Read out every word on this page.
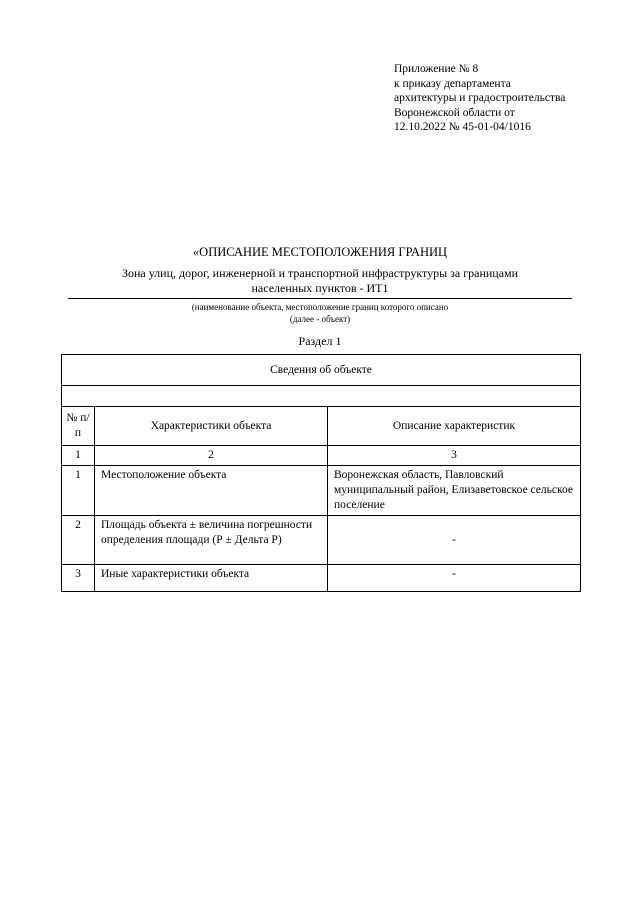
Приложение № 8
к приказу департамента
архитектуры и градостроительства
Воронежской области от
12.10.2022 № 45-01-04/1016
«ОПИСАНИЕ МЕСТОПОЛОЖЕНИЯ ГРАНИЦ
Зона улиц, дорог, инженерной и транспортной инфраструктуры за границами
населенных пунктов - ИТ1
(наименование объекта, местоположение границ которого описано
(далее - объект)
Раздел 1
Сведения об объекте		

№ п/п	Характеристики объекта	Описание характеристик
1	2	3
1	Местоположение объекта	Воронежская область, Павловский муниципальный район, Елизаветовское сельское поселение
2	Площадь объекта ± величина погрешности определения площади (Р ± Дельта Р)	-
3	Иные характеристики объекта	-
